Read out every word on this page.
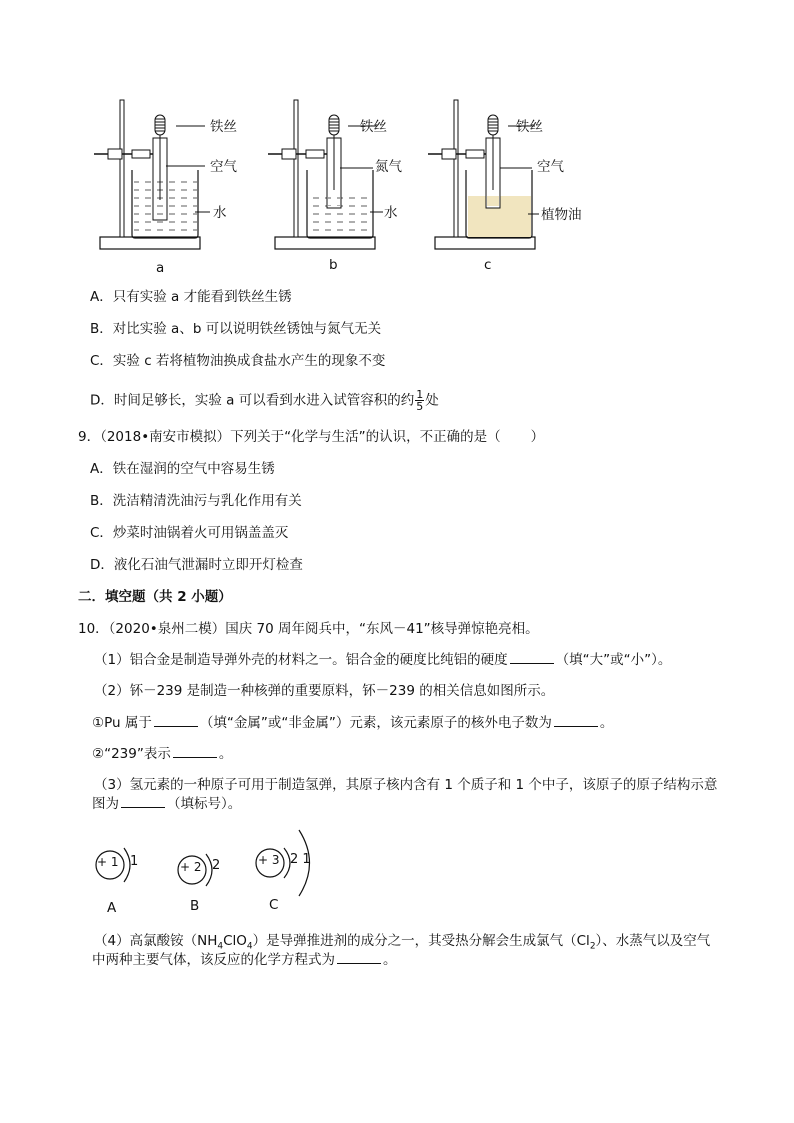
铁丝
空气
水
a
铁丝
氮气
水
b
铁丝
空气
植物油
c
A．只有实验 a 才能看到铁丝生锈
B．对比实验 a、b 可以说明铁丝锈蚀与氮气无关
C．实验 c 若将植物油换成食盐水产生的现象不变
D．时间足够长，实验 a 可以看到水进入试管容积的约 $\frac{1}{5}$ 处
9．（2018•南安市模拟）下列关于“化学与生活”的认识，不正确的是（ ）
A．铁在湿润的空气中容易生锈
B．洗洁精清洗油污与乳化作用有关
C．炒菜时油锅着火可用锅盖盖灭
D．液化石油气泄漏时立即开灯检查
二．填空题（共 2 小题）
10．（2020•泉州二模）国庆 70 周年阅兵中，“东风－41”核导弹惊艳亮相。
（1）铝合金是制造导弹外壳的材料之一。铝合金的硬度比纯铝的硬度	（填“大”或“小”）。
（2）钚－239 是制造一种核弹的重要原料，钚－239 的相关信息如图所示。
①Pu 属于	（填“金属”或“非金属”）元素，该元素原子的核外电子数为	。
②“239”表示	。
（3）氢元素的一种原子可用于制造氢弹，其原子核内含有 1 个质子和 1 个中子，该原子的原子结构示意
图为	（填标号）。
+ 1 1
A
+ 2 2
B
+ 3 2 1
C
（4）高氯酸铵$(NH_4ClO_4)$是导弹推进剂的成分之一，其受热分解会生成氯气$(Cl_2)$、水蒸气以及空气
中两种主要气体，该反应的化学方程式为	。
